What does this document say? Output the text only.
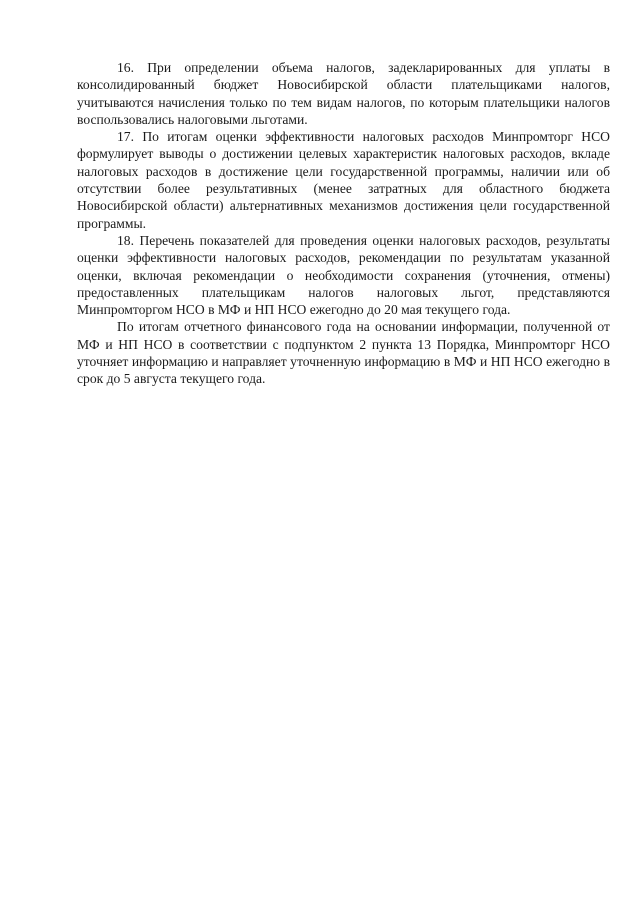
16. При определении объема налогов, задекларированных для уплаты в консолидированный бюджет Новосибирской области плательщиками налогов, учитываются начисления только по тем видам налогов, по которым плательщики налогов воспользовались налоговыми льготами.

17. По итогам оценки эффективности налоговых расходов Минпромторг НСО формулирует выводы о достижении целевых характеристик налоговых расходов, вкладе налоговых расходов в достижение цели государственной программы, наличии или об отсутствии более результативных (менее затратных для областного бюджета Новосибирской области) альтернативных механизмов достижения цели государственной программы.

18. Перечень показателей для проведения оценки налоговых расходов, результаты оценки эффективности налоговых расходов, рекомендации по результатам указанной оценки, включая рекомендации о необходимости сохранения (уточнения, отмены) предоставленных плательщикам налогов налоговых льгот, представляются Минпромторгом НСО в МФ и НП НСО ежегодно до 20 мая текущего года.

По итогам отчетного финансового года на основании информации, полученной от МФ и НП НСО в соответствии с подпунктом 2 пункта 13 Порядка, Минпромторг НСО уточняет информацию и направляет уточненную информацию в МФ и НП НСО ежегодно в срок до 5 августа текущего года.
